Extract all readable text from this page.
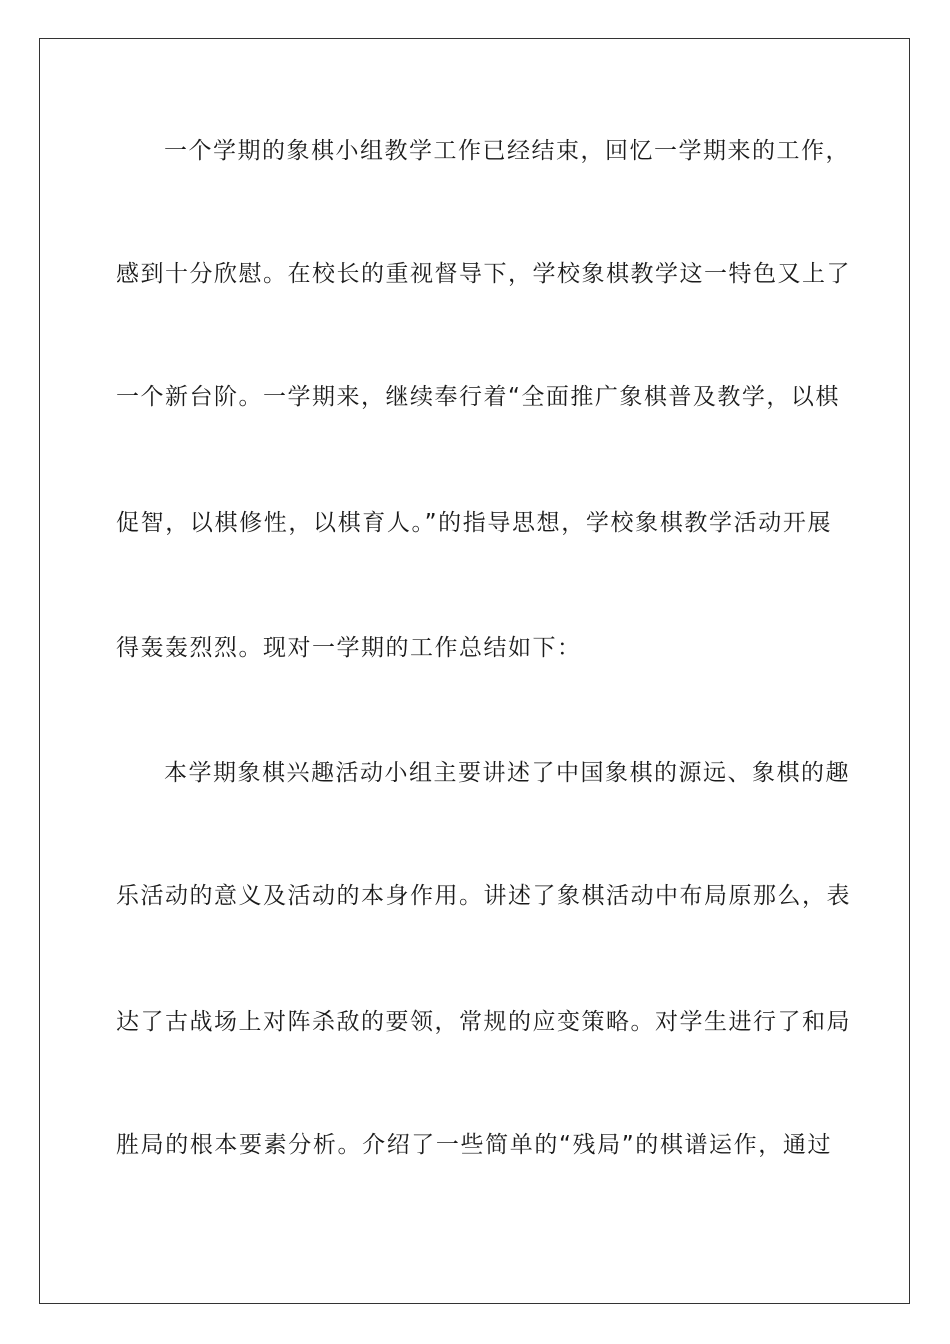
一个学期的象棋小组教学工作已经结束，回忆一学期来的工作，
感到十分欣慰。在校长的重视督导下，学校象棋教学这一特色又上了
一个新台阶。一学期来，继续奉行着“全面推广象棋普及教学，以棋
促智，以棋修性，以棋育人。”的指导思想，学校象棋教学活动开展
得轰轰烈烈。现对一学期的工作总结如下：
本学期象棋兴趣活动小组主要讲述了中国象棋的源远、象棋的趣
乐活动的意义及活动的本身作用。讲述了象棋活动中布局原那么，表
达了古战场上对阵杀敌的要领，常规的应变策略。对学生进行了和局
胜局的根本要素分析。介绍了一些简单的“残局”的棋谱运作，通过
